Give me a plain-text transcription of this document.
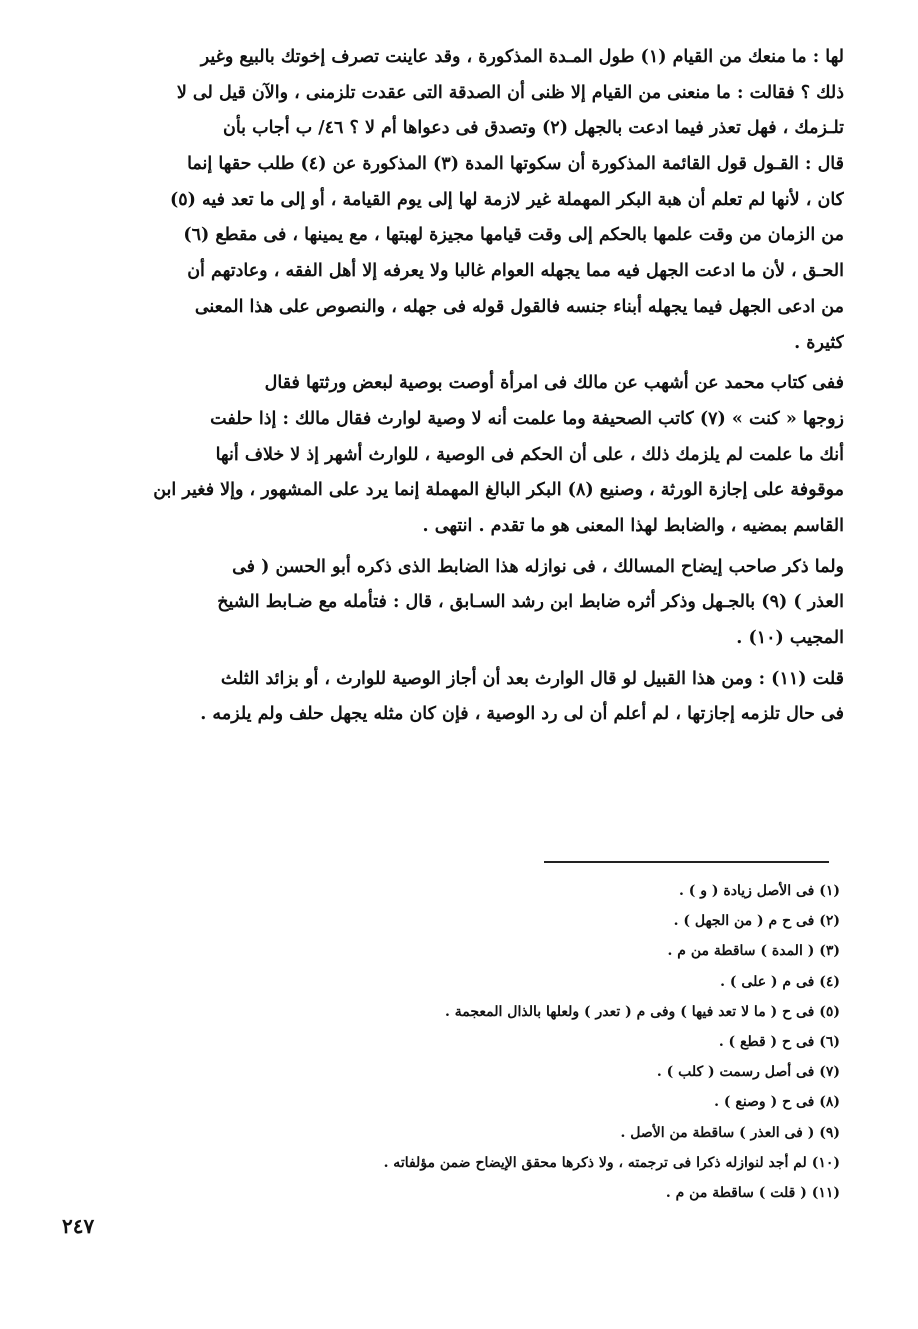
لها : ما منعك من القيام (١) طول المـدة المذكورة ، وقد عاينت تصرف إخوتك بالبيع وغير
ذلك ؟ فقالت : ما منعنى من القيام إلا ظنى أن الصدقة التى عقدت تلزمنى ، والآن قيل لى لا
تلـزمك ، فهل تعذر فيما ادعت بالجهل (٢) وتصدق فى دعواها أم لا ؟ ٤٦/ ب أجاب بأن
قال : القـول قول القائمة المذكورة أن سكوتها المدة (٣) المذكورة عن (٤) طلب حقها إنما
كان ، لأنها لم تعلم أن هبة البكر المهملة غير لازمة لها إلى يوم القيامة ، أو إلى ما تعد فيه (٥)
من الزمان من وقت علمها بالحكم إلى وقت قيامها مجيزة لهبتها ، مع يمينها ، فى مقطع (٦)
الحـق ، لأن ما ادعت الجهل فيه مما يجهله العوام غالبا ولا يعرفه إلا أهل الفقه ، وعادتهم أن
من ادعى الجهل فيما يجهله أبناء جنسه فالقول قوله فى جهله ، والنصوص على هذا المعنى
كثيرة .
ففى كتاب محمد عن أشهب عن مالك فى امرأة أوصت بوصية لبعض ورثتها فقال
زوجها « كنت » (٧) كاتب الصحيفة وما علمت أنه لا وصية لوارث فقال مالك : إذا حلفت
أنك ما علمت لم يلزمك ذلك ، على أن الحكم فى الوصية ، للوارث أشهر إذ لا خلاف أنها
موقوفة على إجازة الورثة ، وصنيع (٨) البكر البالغ المهملة إنما يرد على المشهور ، وإلا فغير ابن
القاسم بمضيه ، والضابط لهذا المعنى هو ما تقدم . انتهى .
ولما ذكر صاحب إيضاح المسالك ، فى نوازله هذا الضابط الذى ذكره أبو الحسن ( فى
العذر ) (٩) بالجـهل وذكر أثره ضابط ابن رشد السـابق ، قال : فتأمله مع ضـابط الشيخ
المجيب (١٠) .
قلت (١١) : ومن هذا القبيل لو قال الوارث بعد أن أجاز الوصية للوارث ، أو بزائد الثلث
فى حال تلزمه إجازتها ، لم أعلم أن لى رد الوصية ، فإن كان مثله يجهل حلف ولم يلزمه .
(١) فى الأصل زيادة ( و ) .
(٢) فى ح م ( من الجهل ) .
(٣) ( المدة ) ساقطة من م .
(٤) فى م ( على ) .
(٥) فى ح ( ما لا تعد فيها ) وفى م ( تعدر ) ولعلها بالذال المعجمة .
(٦) فى ح ( قطع ) .
(٧) فى أصل رسمت ( كلب ) .
(٨) فى ح ( وصنع ) .
(٩) ( فى العذر ) ساقطة من الأصل .
(١٠) لم أجد لنوازله ذكرا فى ترجمته ، ولا ذكرها محقق الإيضاح ضمن مؤلفاته .
(١١) ( قلت ) ساقطة من م .
٢٤٧
